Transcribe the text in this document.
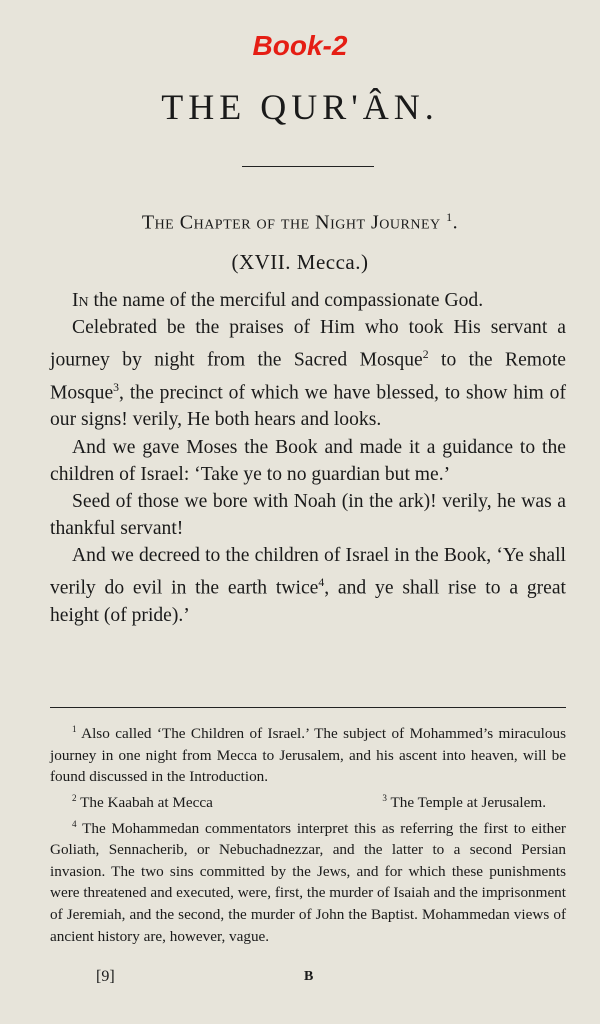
Book-2
THE QUR'ÂN.
The Chapter of the Night Journey $^1$.
(XVII. Mecca.)

In the name of the merciful and compassionate God.

Celebrated be the praises of Him who took His servant a journey by night from the Sacred Mosque$^2$ to the Remote Mosque$^3$, the precinct of which we have blessed, to show him of our signs! verily, He both hears and looks.

And we gave Moses the Book and made it a guidance to the children of Israel: ‘Take ye to no guardian but me.’

Seed of those we bore with Noah (in the ark)! verily, he was a thankful servant!

And we decreed to the children of Israel in the Book, ‘Ye shall verily do evil in the earth twice$^4$, and ye shall rise to a great height (of pride).’

$^1$ Also called ‘The Children of Israel.’ The subject of Mohammed’s miraculous journey in one night from Mecca to Jerusalem, and his ascent into heaven, will be found discussed in the Introduction.

$^2$ The Kaabah at Mecca	$^3$ The Temple at Jerusalem.

$^4$ The Mohammedan commentators interpret this as referring the first to either Goliath, Sennacherib, or Nebuchadnezzar, and the latter to a second Persian invasion. The two sins committed by the Jews, and for which these punishments were threatened and executed, were, first, the murder of Isaiah and the imprisonment of Jeremiah, and the second, the murder of John the Baptist. Mohammedan views of ancient history are, however, vague.

[9]	B
